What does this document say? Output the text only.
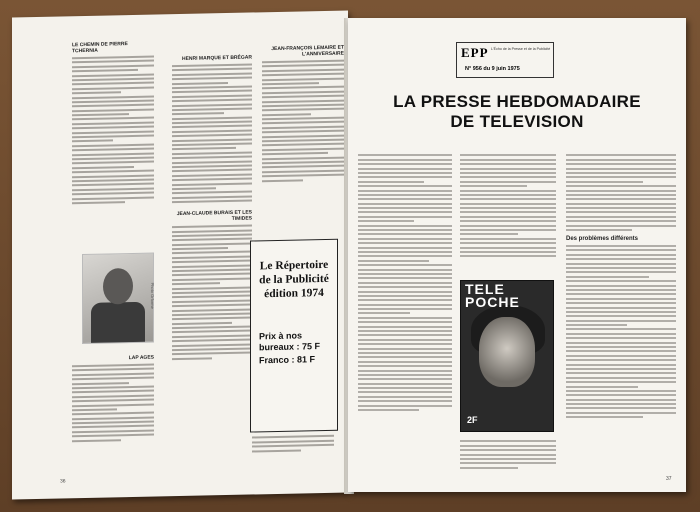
LE CHEMIN DE PIERRE TCHERNIA
LAP AGES
Photo Orforme
HENRI MARQUE ET BRÉGAR
JEAN-CLAUDE BURAIS ET LES TIMIDES
JEAN-FRANÇOIS LEMAIRE ET L'ANNIVERSAIRE
Le Répertoire de la Publicité édition 1974
Prix à nos bureaux : 75 F
Franco : 81 F
36
EPP L'Écho de la Presse et de la Publicité
N° 956 du 9 juin 1975
LA PRESSE HEBDOMADAIRE
DE TELEVISION
TELE
POCHE
2F
Des problèmes différents
37
